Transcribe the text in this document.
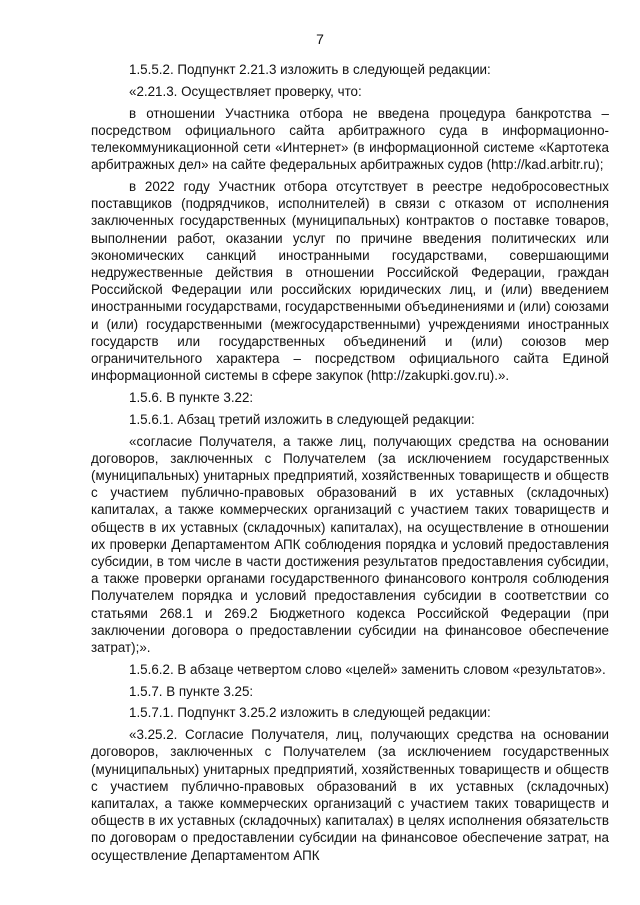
7

1.5.5.2. Подпункт 2.21.3 изложить в следующей редакции:

«2.21.3. Осуществляет проверку, что:

в отношении Участника отбора не введена процедура банкротства – посредством официального сайта арбитражного суда в информационно-телекоммуникационной сети «Интернет» (в информационной системе «Картотека арбитражных дел» на сайте федеральных арбитражных судов (http://kad.arbitr.ru);

в 2022 году Участник отбора отсутствует в реестре недобросовестных поставщиков (подрядчиков, исполнителей) в связи с отказом от исполнения заключенных государственных (муниципальных) контрактов о поставке товаров, выполнении работ, оказании услуг по причине введения политических или экономических санкций иностранными государствами, совершающими недружественные действия в отношении Российской Федерации, граждан Российской Федерации или российских юридических лиц, и (или) введением иностранными государствами, государственными объединениями и (или) союзами и (или) государственными (межгосударственными) учреждениями иностранных государств или государственных объединений и (или) союзов мер ограничительного характера – посредством официального сайта Единой информационной системы в сфере закупок (http://zakupki.gov.ru).».

1.5.6. В пункте 3.22:

1.5.6.1. Абзац третий изложить в следующей редакции:

«согласие Получателя, а также лиц, получающих средства на основании договоров, заключенных с Получателем (за исключением государственных (муниципальных) унитарных предприятий, хозяйственных товариществ и обществ с участием публично-правовых образований в их уставных (складочных) капиталах, а также коммерческих организаций с участием таких товариществ и обществ в их уставных (складочных) капиталах), на осуществление в отношении их проверки Департаментом АПК соблюдения порядка и условий предоставления субсидии, в том числе в части достижения результатов предоставления субсидии, а также проверки органами государственного финансового контроля соблюдения Получателем порядка и условий предоставления субсидии в соответствии со статьями 268.1 и 269.2 Бюджетного кодекса Российской Федерации (при заключении договора о предоставлении субсидии на финансовое обеспечение затрат);».

1.5.6.2. В абзаце четвертом слово «целей» заменить словом «результатов».

1.5.7. В пункте 3.25:

1.5.7.1. Подпункт 3.25.2 изложить в следующей редакции:

«3.25.2. Согласие Получателя, лиц, получающих средства на основании договоров, заключенных с Получателем (за исключением государственных (муниципальных) унитарных предприятий, хозяйственных товариществ и обществ с участием публично-правовых образований в их уставных (складочных) капиталах, а также коммерческих организаций с участием таких товариществ и обществ в их уставных (складочных) капиталах) в целях исполнения обязательств по договорам о предоставлении субсидии на финансовое обеспечение затрат, на осуществление Департаментом АПК
